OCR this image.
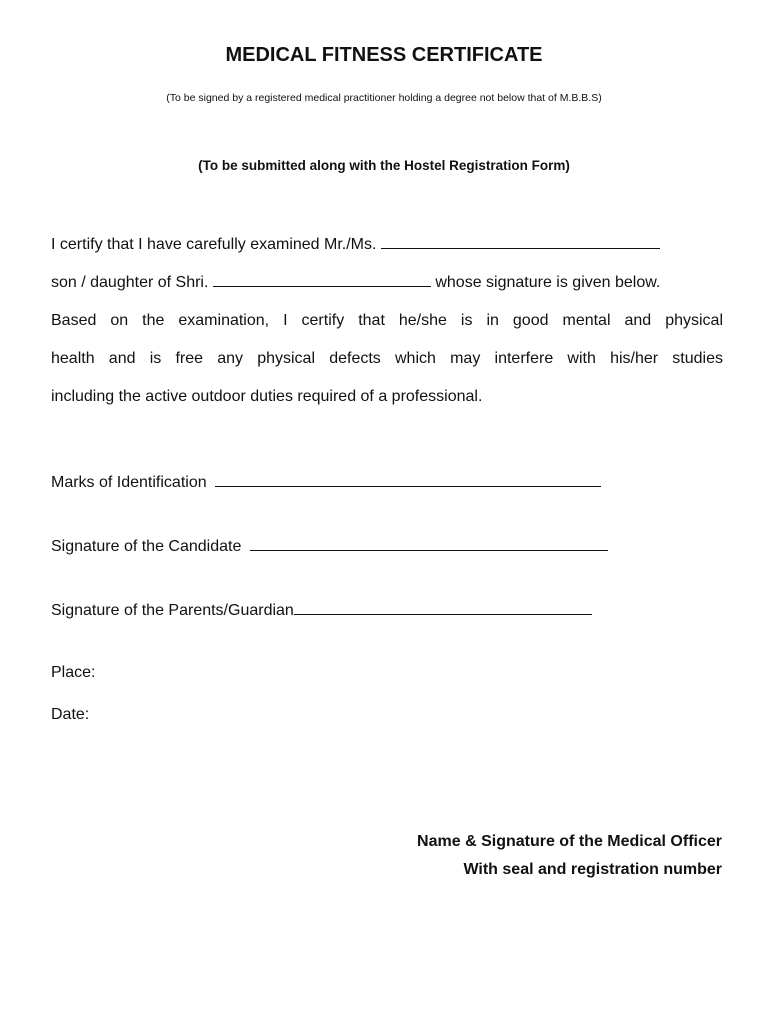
MEDICAL FITNESS CERTIFICATE
(To be signed by a registered medical practitioner holding a degree not below that of M.B.B.S)
(To be submitted along with the Hostel Registration Form)
I certify that I have carefully examined Mr./Ms.
son / daughter of Shri.	whose signature is given below.
Based on the examination, I certify that he/she is in good mental and physical
health and is free any physical defects which may interfere with his/her studies
including the active outdoor duties required of a professional.
Marks of Identification
Signature of the Candidate
Signature of the Parents/Guardian
Place:
Date:
Name & Signature of the Medical Officer
With seal and registration number
